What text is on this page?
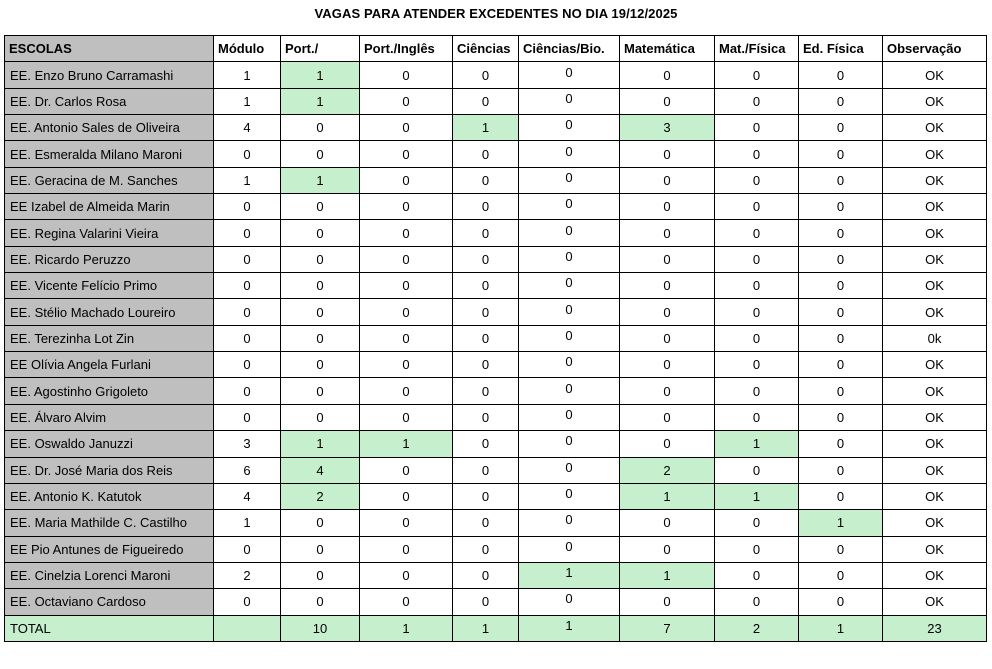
VAGAS PARA ATENDER EXCEDENTES NO DIA 19/12/2025
ESCOLAS	Módulo	Port./	Port./Inglês	Ciências	Ciências/Bio.	Matemática	Mat./Física	Ed. Física	Observação
EE. Enzo Bruno Carramashi	1	1	0	0	0	0	0	0	OK
EE. Dr. Carlos Rosa	1	1	0	0	0	0	0	0	OK
EE. Antonio Sales de Oliveira	4	0	0	1	0	3	0	0	OK
EE. Esmeralda Milano Maroni	0	0	0	0	0	0	0	0	OK
EE. Geracina de M. Sanches	1	1	0	0	0	0	0	0	OK
EE Izabel de Almeida Marin	0	0	0	0	0	0	0	0	OK
EE. Regina Valarini Vieira	0	0	0	0	0	0	0	0	OK
EE. Ricardo Peruzzo	0	0	0	0	0	0	0	0	OK
EE. Vicente Felício Primo	0	0	0	0	0	0	0	0	OK
EE. Stélio Machado Loureiro	0	0	0	0	0	0	0	0	OK
EE. Terezinha Lot Zin	0	0	0	0	0	0	0	0	0k
EE Olívia Angela Furlani	0	0	0	0	0	0	0	0	OK
EE. Agostinho Grigoleto	0	0	0	0	0	0	0	0	OK
EE. Álvaro Alvim	0	0	0	0	0	0	0	0	OK
EE. Oswaldo Januzzi	3	1	1	0	0	0	1	0	OK
EE. Dr. José Maria dos Reis	6	4	0	0	0	2	0	0	OK
EE. Antonio K. Katutok	4	2	0	0	0	1	1	0	OK
EE. Maria Mathilde C. Castilho	1	0	0	0	0	0	0	1	OK
EE Pio Antunes de Figueiredo	0	0	0	0	0	0	0	0	OK
EE. Cinelzia Lorenci Maroni	2	0	0	0	1	1	0	0	OK
EE. Octaviano Cardoso	0	0	0	0	0	0	0	0	OK
TOTAL		10	1	1	1	7	2	1	23
